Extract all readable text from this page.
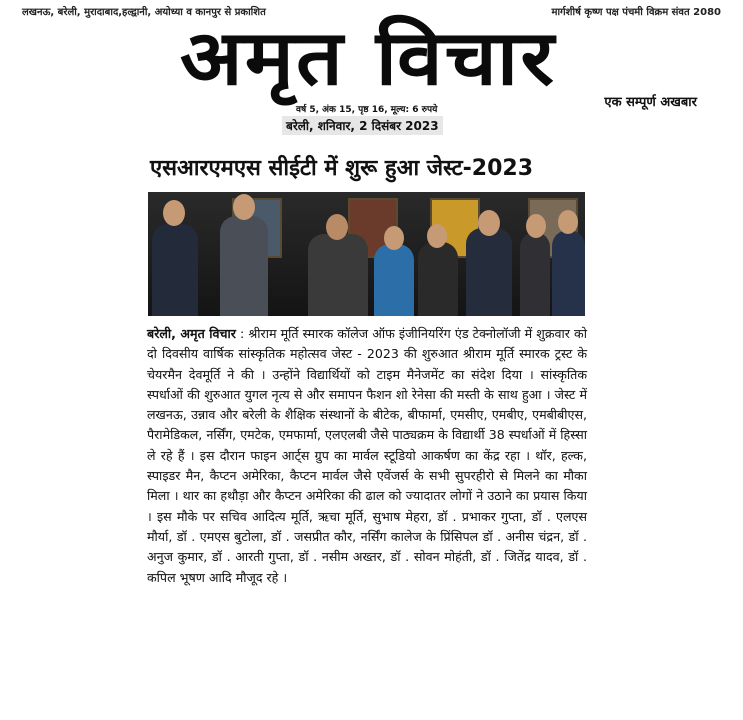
लखनऊ, बरेली, मुरादाबाद,हल्द्वानी, अयोध्या व कानपुर से प्रकाशित	मार्गशीर्ष कृष्ण पक्ष पंचमी विक्रम संवत 2080
अमृत विचार
एक सम्पूर्ण अखबार
वर्ष 5, अंक 15, पृष्ठ 16, मूल्य: 6 रुपये
बरेली, शनिवार, 2 दिसंबर 2023
एसआरएमएस सीईटी में शुरू हुआ जेस्ट-2023

बरेली, अमृत विचार : श्रीराम मूर्ति स्मारक कॉलेज ऑफ इंजीनियरिंग एंड टेक्नोलॉजी में शुक्रवार को दो दिवसीय वार्षिक सांस्कृतिक महोत्सव जेस्ट - 2023 की शुरुआत श्रीराम मूर्ति स्मारक ट्रस्ट के चेयरमैन देवमूर्ति ने की । उन्होंने विद्यार्थियों को टाइम मैनेजमेंट का संदेश दिया । सांस्कृतिक स्पर्धाओं की शुरुआत युगल नृत्य से और समापन फैशन शो रेनेसा की मस्ती के साथ हुआ । जेस्ट में लखनऊ, उन्नाव और बरेली के शैक्षिक संस्थानों के बीटेक, बीफार्मा, एमसीए, एमबीए, एमबीबीएस, पैरामेडिकल, नर्सिंग, एमटेक, एमफार्मा, एलएलबी जैसे पाठ्यक्रम के विद्यार्थी 38 स्पर्धाओं में हिस्सा ले रहे हैं । इस दौरान फाइन आर्ट्स ग्रुप का मार्वल स्टूडियो आकर्षण का केंद्र रहा । थॉर, हल्क, स्पाइडर मैन, कैप्टन अमेरिका, कैप्टन मार्वल जैसे एवेंजर्स के सभी सुपरहीरो से मिलने का मौका मिला । थार का हथौड़ा और कैप्टन अमेरिका की ढाल को ज्यादातर लोगों ने उठाने का प्रयास किया । इस मौके पर सचिव आदित्य मूर्ति, ऋचा मूर्ति, सुभाष मेहरा, डॉ . प्रभाकर गुप्ता, डॉ . एलएस मौर्या, डॉ . एमएस बुटोला, डॉ . जसप्रीत कौर, नर्सिंग कालेज के प्रिंसिपल डॉ . अनीस चंद्रन, डॉ . अनुज कुमार, डॉ . आरती गुप्ता, डॉ . नसीम अख्तर, डॉ . सोवन मोहंती, डॉ . जितेंद्र यादव, डॉ . कपिल भूषण आदि मौजूद रहे ।
